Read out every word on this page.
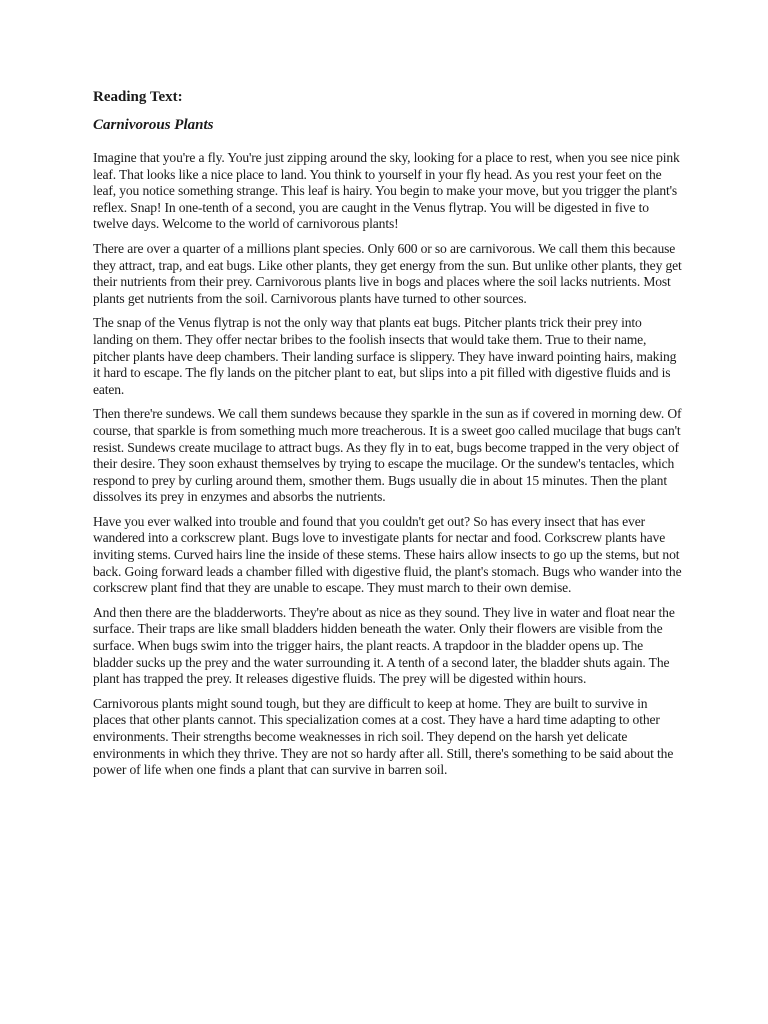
Reading Text:
Carnivorous Plants

Imagine that you're a fly. You're just zipping around the sky, looking for a place to rest, when you see nice pink leaf. That looks like a nice place to land. You think to yourself in your fly head. As you rest your feet on the leaf, you notice something strange. This leaf is hairy. You begin to make your move, but you trigger the plant's reflex. Snap! In one-tenth of a second, you are caught in the Venus flytrap. You will be digested in five to twelve days. Welcome to the world of carnivorous plants!

There are over a quarter of a millions plant species. Only 600 or so are carnivorous. We call them this because they attract, trap, and eat bugs. Like other plants, they get energy from the sun. But unlike other plants, they get their nutrients from their prey. Carnivorous plants live in bogs and places where the soil lacks nutrients. Most plants get nutrients from the soil. Carnivorous plants have turned to other sources.

The snap of the Venus flytrap is not the only way that plants eat bugs. Pitcher plants trick their prey into landing on them. They offer nectar bribes to the foolish insects that would take them. True to their name, pitcher plants have deep chambers. Their landing surface is slippery. They have inward pointing hairs, making it hard to escape. The fly lands on the pitcher plant to eat, but slips into a pit filled with digestive fluids and is eaten.

Then there're sundews. We call them sundews because they sparkle in the sun as if covered in morning dew. Of course, that sparkle is from something much more treacherous. It is a sweet goo called mucilage that bugs can't resist. Sundews create mucilage to attract bugs. As they fly in to eat, bugs become trapped in the very object of their desire. They soon exhaust themselves by trying to escape the mucilage. Or the sundew's tentacles, which respond to prey by curling around them, smother them. Bugs usually die in about 15 minutes. Then the plant dissolves its prey in enzymes and absorbs the nutrients.

Have you ever walked into trouble and found that you couldn't get out? So has every insect that has ever wandered into a corkscrew plant. Bugs love to investigate plants for nectar and food. Corkscrew plants have inviting stems. Curved hairs line the inside of these stems. These hairs allow insects to go up the stems, but not back. Going forward leads a chamber filled with digestive fluid, the plant's stomach. Bugs who wander into the corkscrew plant find that they are unable to escape. They must march to their own demise.

And then there are the bladderworts. They're about as nice as they sound. They live in water and float near the surface. Their traps are like small bladders hidden beneath the water. Only their flowers are visible from the surface. When bugs swim into the trigger hairs, the plant reacts. A trapdoor in the bladder opens up. The bladder sucks up the prey and the water surrounding it. A tenth of a second later, the bladder shuts again. The plant has trapped the prey. It releases digestive fluids. The prey will be digested within hours.

Carnivorous plants might sound tough, but they are difficult to keep at home. They are built to survive in places that other plants cannot. This specialization comes at a cost. They have a hard time adapting to other environments. Their strengths become weaknesses in rich soil. They depend on the harsh yet delicate environments in which they thrive. They are not so hardy after all. Still, there's something to be said about the power of life when one finds a plant that can survive in barren soil.
